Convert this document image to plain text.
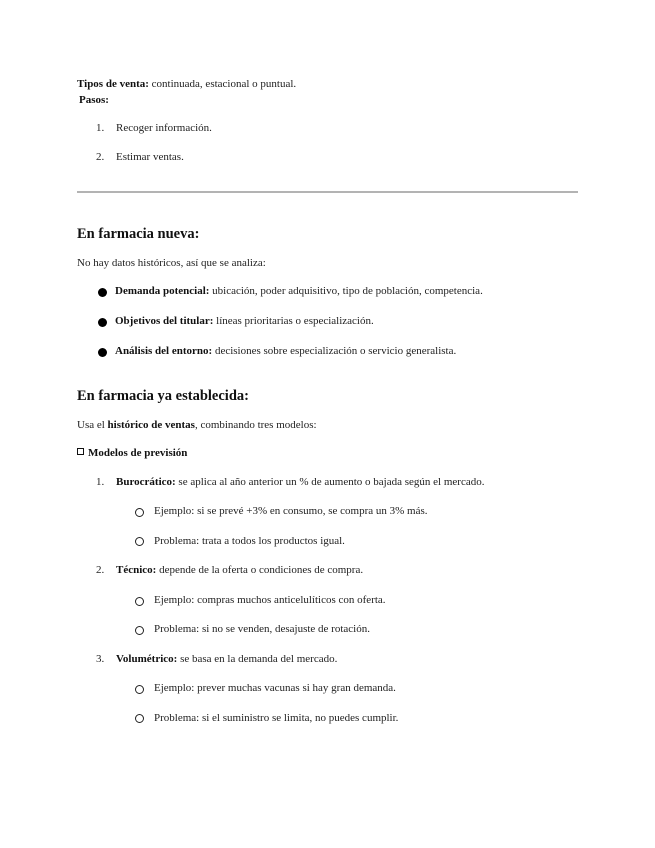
Tipos de venta: continuada, estacional o puntual.
Pasos:
1. Recoger información.
2. Estimar ventas.
En farmacia nueva:
No hay datos históricos, así que se analiza:
Demanda potencial: ubicación, poder adquisitivo, tipo de población, competencia.
Objetivos del titular: líneas prioritarias o especialización.
Análisis del entorno: decisiones sobre especialización o servicio generalista.
En farmacia ya establecida:
Usa el histórico de ventas, combinando tres modelos:
Modelos de previsión
1. Burocrático: se aplica al año anterior un % de aumento o bajada según el mercado.
Ejemplo: si se prevé +3% en consumo, se compra un 3% más.
Problema: trata a todos los productos igual.
2. Técnico: depende de la oferta o condiciones de compra.
Ejemplo: compras muchos anticelulíticos con oferta.
Problema: si no se venden, desajuste de rotación.
3. Volumétrico: se basa en la demanda del mercado.
Ejemplo: prever muchas vacunas si hay gran demanda.
Problema: si el suministro se limita, no puedes cumplir.
